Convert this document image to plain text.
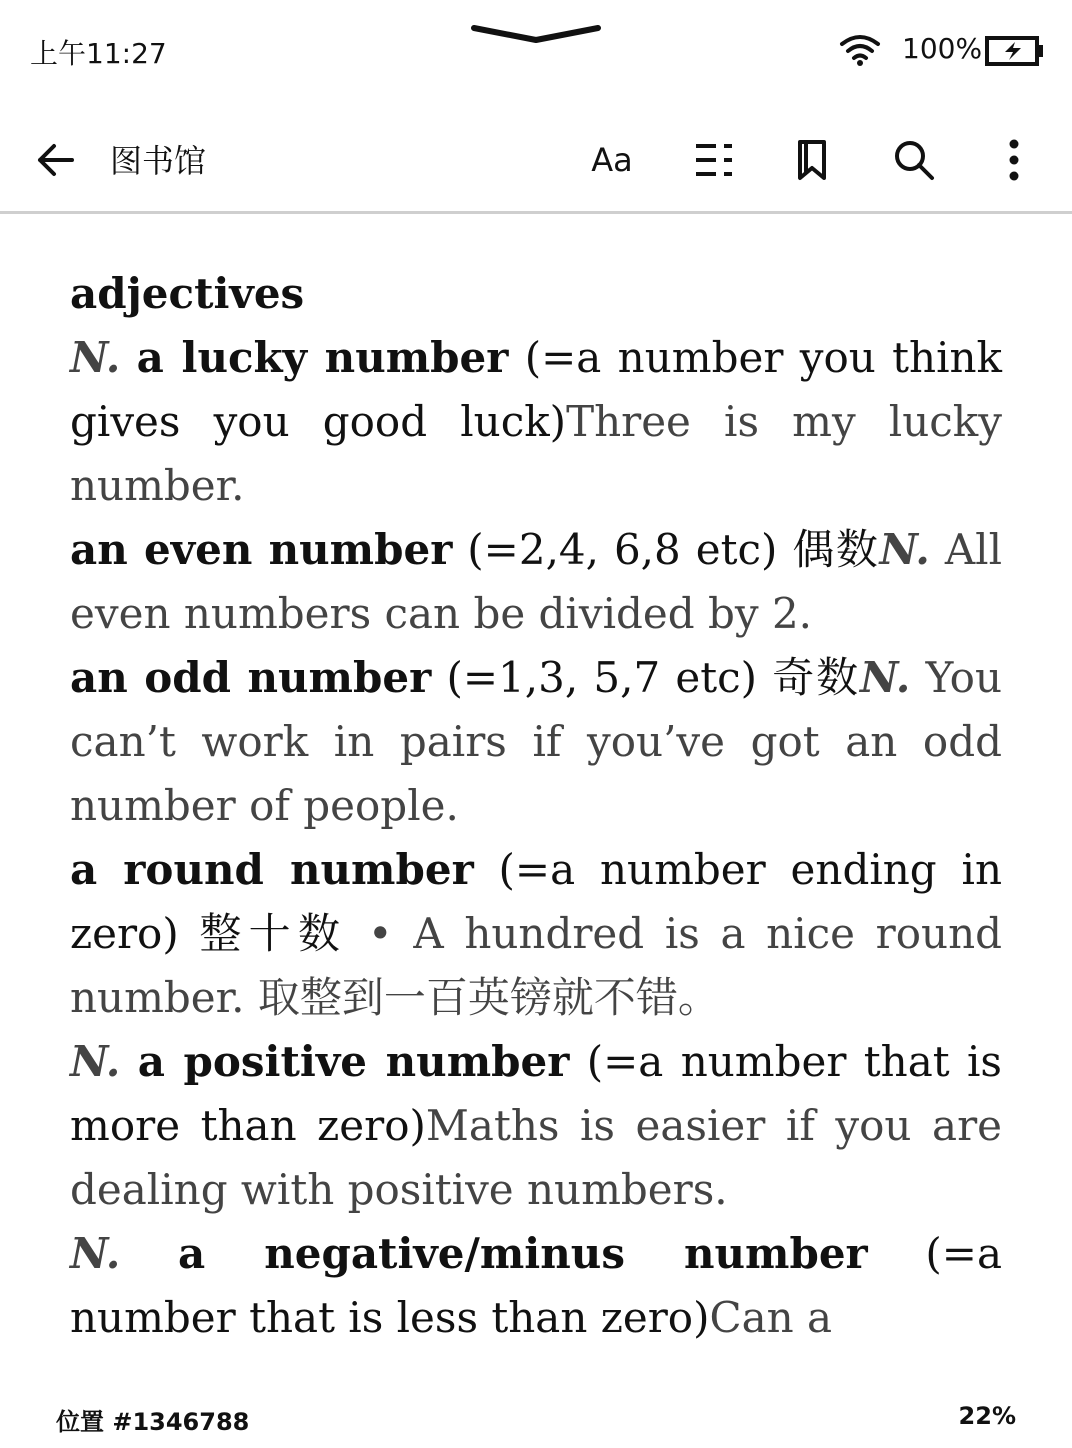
上午11:27	100%
图书馆	Aa

adjectives

N. a lucky number (=a number you think gives you good luck)Three is my lucky number.

an even number (=2,4, 6,8 etc) 偶数N. All even numbers can be divided by 2.

an odd number (=1,3, 5,7 etc) 奇数N. You can’t work in pairs if you’ve got an odd number of people.

a round number (=a number ending in zero) 整十数 • A hundred is a nice round number. 取整到一百英镑就不错。

N. a positive number (=a number that is more than zero)Maths is easier if you are dealing with positive numbers.

N. a negative/minus number (=a number that is less than zero)Can a

位置 #1346788	22%
